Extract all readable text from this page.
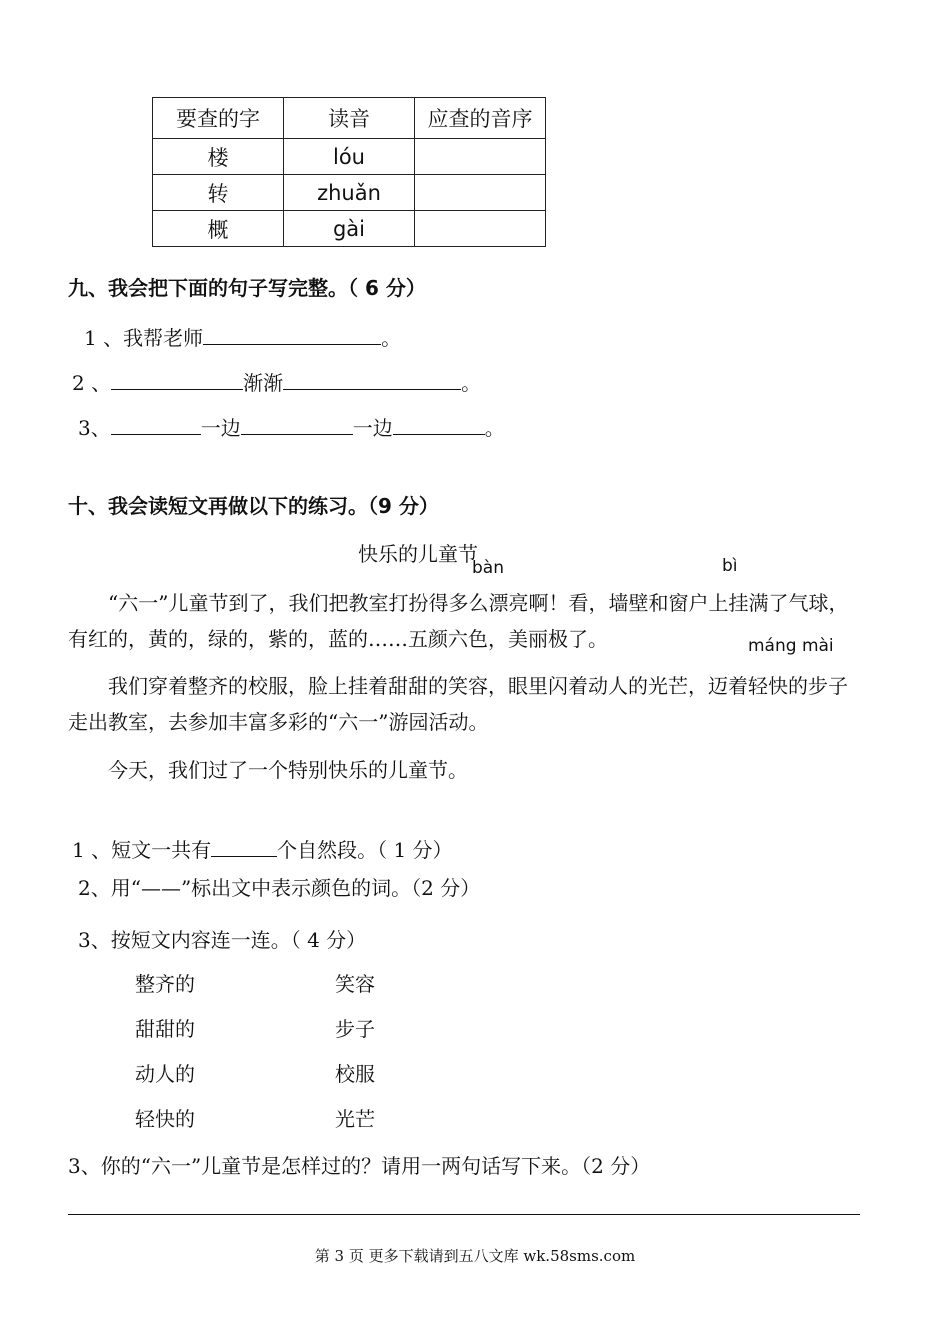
要查的字	读音	应查的音序
楼	lóu	
转	zhuǎn	
概	gài	
九、我会把下面的句子写完整。（ 6 分）
1 、我帮老师	。
2 、	渐渐	。
3、	一边	一边	。
十、我会读短文再做以下的练习。（9 分）
快乐的儿童节
bàn	bì
“六一”儿童节到了，我们把教室打扮得多么漂亮啊！看，墙壁和窗户上挂满了气球，有红的，黄的，绿的，紫的，蓝的……五颜六色，美丽极了。	máng mài
我们穿着整齐的校服，脸上挂着甜甜的笑容，眼里闪着动人的光芒，迈着轻快的步子走出教室，去参加丰富多彩的“六一”游园活动。
今天，我们过了一个特别快乐的儿童节。
1 、短文一共有	个自然段。（ 1 分）
2、用“——”标出文中表示颜色的词。（2 分）
3、按短文内容连一连。（ 4 分）
整齐的	笑容
甜甜的	步子
动人的	校服
轻快的	光芒
3、你的“六一”儿童节是怎样过的？请用一两句话写下来。（2 分）
第 3 页 更多下载请到五八文库 wk.58sms.com
